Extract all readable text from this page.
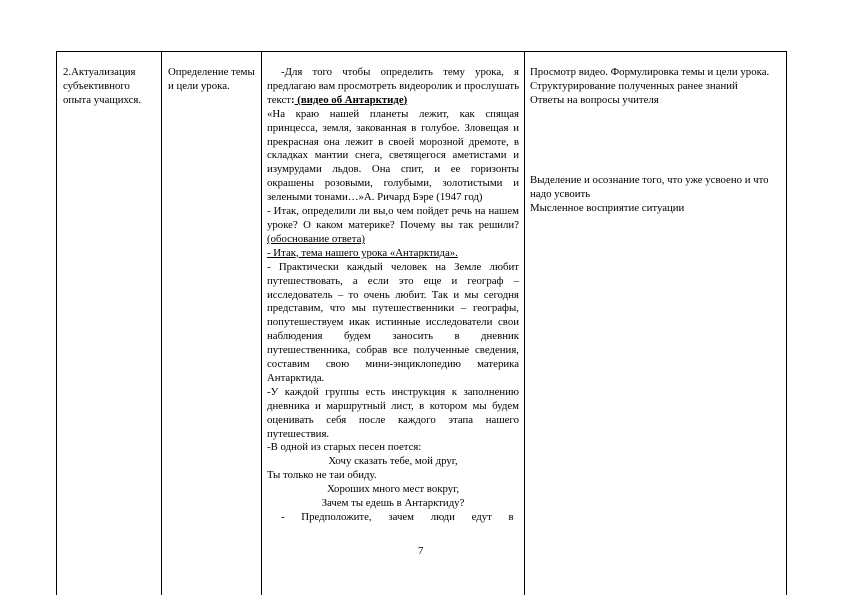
2.Актуализация субъективного опыта учащихся.

Определение темы и цели урока.

-Для того чтобы определить тему урока, я предлагаю вам просмотреть видеоролик и прослушать текст: (видео об Антарктиде)

«На краю нашей планеты лежит, как спящая принцесса, земля, закованная в голубое. Зловещая и прекрасная она лежит в своей морозной дремоте, в складках мантии снега, светящегося аметистами и изумрудами льдов. Она спит, и ее горизонты окрашены розовыми, голубыми, золотистыми и зелеными тонами…»А. Ричард Бэре (1947 год)

- Итак, определили ли вы,о чем пойдет речь на нашем уроке? О каком материке? Почему вы так решили? (обоснование ответа)

- Итак, тема нашего урока «Антарктида».

- Практически каждый человек на Земле любит путешествовать, а если это еще и географ – исследователь – то очень любит. Так и мы сегодня представим, что мы путешественники – географы, попутешествуем икак истинные исследователи свои наблюдения будем заносить в дневник путешественника, собрав все полученные сведения, составим свою мини-энциклопедию материка Антарктида.

-У каждой группы есть инструкция к заполнению дневника и маршрутный лист, в котором мы будем оценивать себя после каждого этапа нашего путешествия.

-В одной из старых песен поется:

Хочу сказать тебе, мой друг,

Ты только не таи обиду.

Хороших много мест вокруг,

Зачем ты едешь в Антарктиду?

- Предположите, зачем люди едут в

Просмотр видео. Формулировка темы и цели урока. Структурирование полученных ранее знаний

Ответы на вопросы учителя

Выделение и осознание того, что уже усвоено и что надо усвоить

Мысленное восприятие ситуации

7
